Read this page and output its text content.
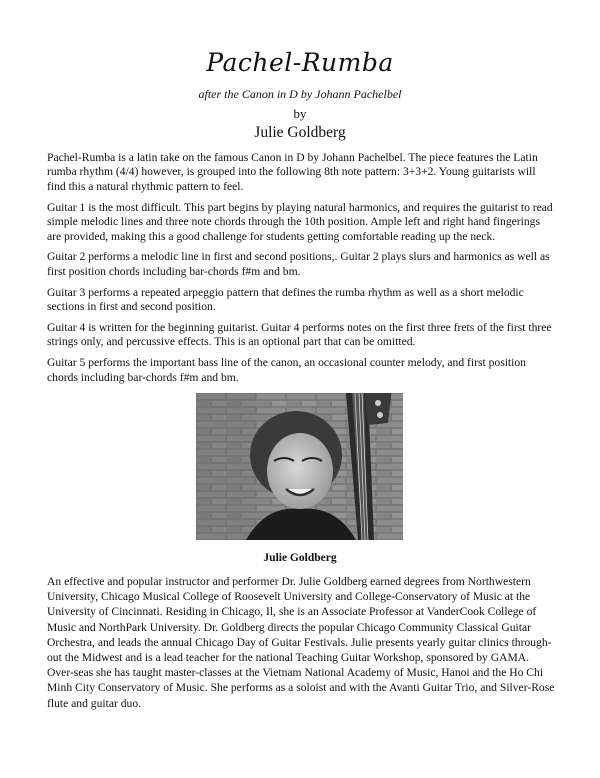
Pachel-Rumba
after the Canon in D by Johann Pachelbel
by
Julie Goldberg

Pachel-Rumba is a latin take on the famous Canon in D by Johann Pachelbel. The piece features the Latin rumba rhythm (4/4) however, is grouped into the following 8th note pattern: 3+3+2. Young guitarists will find this a natural rhythmic pattern to feel.

Guitar 1 is the most difficult. This part begins by playing natural harmonics, and requires the guitarist to read simple melodic lines and three note chords through the 10th position. Ample left and right hand fingerings are provided, making this a good challenge for students getting comfortable reading up the neck.

Guitar 2 performs a melodic line in first and second positions,. Guitar 2 plays slurs and harmonics as well as first position chords including bar-chords f#m and bm.

Guitar 3 performs a repeated arpeggio pattern that defines the rumba rhythm as well as a short melodic sections in first and second position.

Guitar 4 is written for the beginning guitarist. Guitar 4 performs notes on the first three frets of the first three strings only, and percussive effects. This is an optional part that can be omitted.

Guitar 5 performs the important bass line of the canon, an occasional counter melody, and first position chords including bar-chords f#m and bm.

Julie Goldberg
An effective and popular instructor and performer Dr. Julie Goldberg earned degrees from Northwestern University, Chicago Musical College of Roosevelt University and College-Conservatory of Music at the University of Cincinnati. Residing in Chicago, Il, she is an Associate Professor at VanderCook College of Music and NorthPark University. Dr. Goldberg directs the popular Chicago Community Classical Guitar Orchestra, and leads the annual Chicago Day of Guitar Festivals. Julie presents yearly guitar clinics through-out the Midwest and is a lead teacher for the national Teaching Guitar Workshop, sponsored by GAMA. Over-seas she has taught master-classes at the Vietnam National Academy of Music, Hanoi and the Ho Chi Minh City Conservatory of Music. She performs as a soloist and with the Avanti Guitar Trio, and Silver-Rose flute and guitar duo.
